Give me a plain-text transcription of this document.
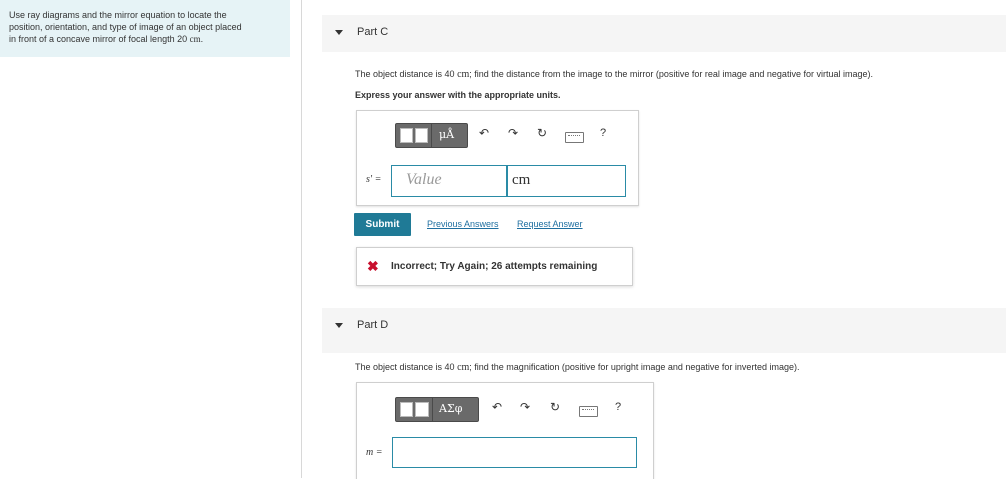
Use ray diagrams and the mirror equation to locate the
position, orientation, and type of image of an object placed
in front of a concave mirror of focal length 20 cm.
Part C
The object distance is 40 cm; find the distance from the image to the mirror (positive for real image and negative for virtual image).
Express your answer with the appropriate units.
μÅ ↶ ↷ ↻	?
s′ = Value	cm
Submit	Previous Answers Request Answer
✖ Incorrect; Try Again; 26 attempts remaining
Part D
The object distance is 40 cm; find the magnification (positive for upright image and negative for inverted image).
ΑΣφ ↶ ↷ ↻	?
m =
